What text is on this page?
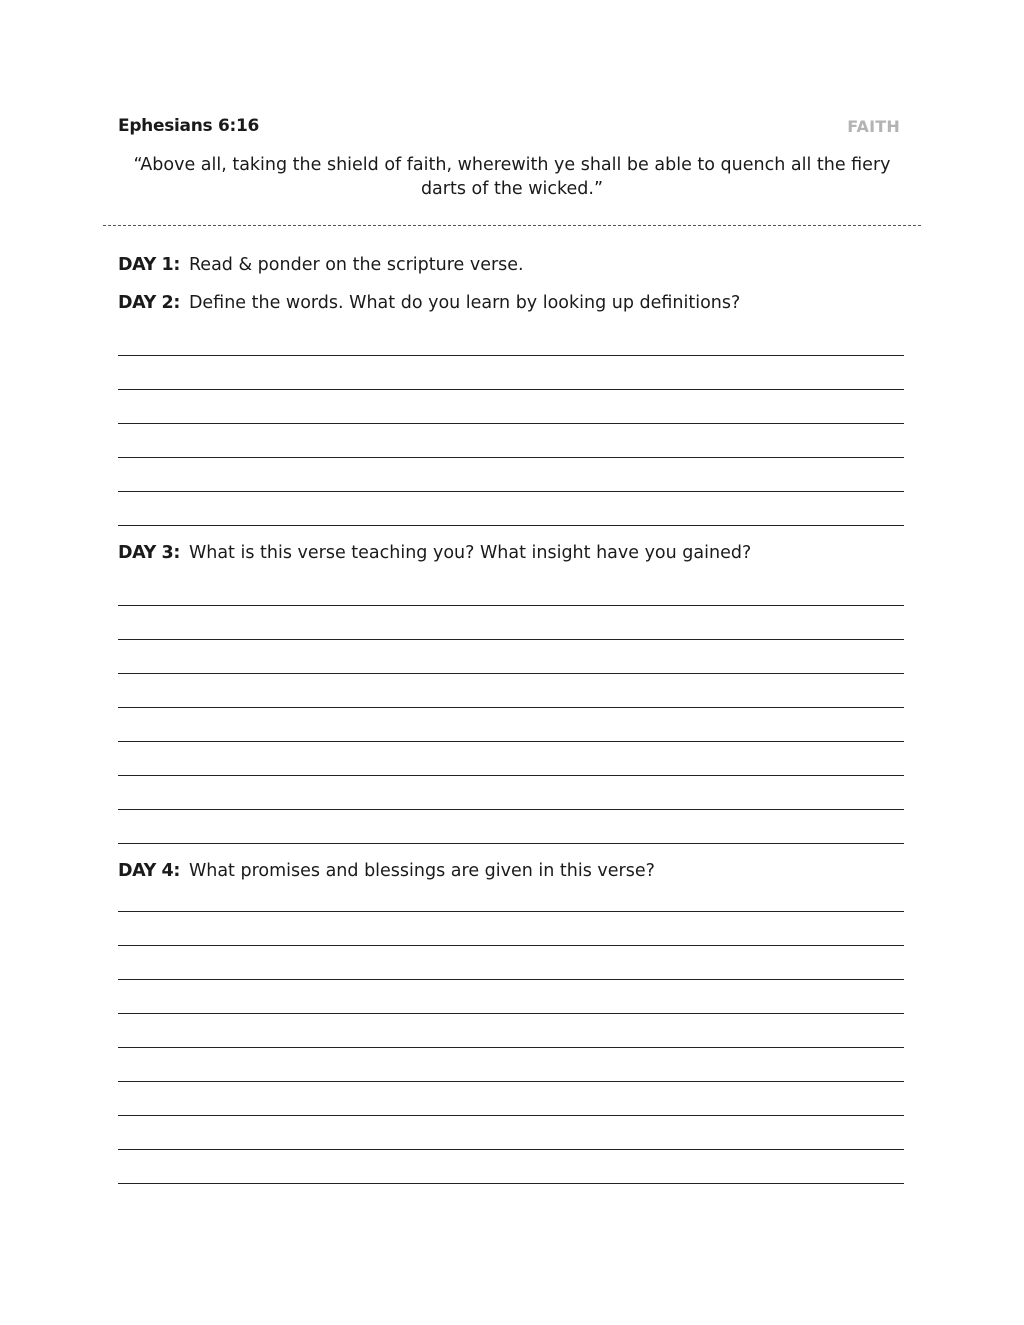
Ephesians 6:16	FAITH
“Above all, taking the shield of faith, wherewith ye shall be able to quench all the fiery darts of the wicked.”
DAY 1: Read & ponder on the scripture verse.
DAY 2: Define the words. What do you learn by looking up definitions?
DAY 3: What is this verse teaching you? What insight have you gained?
DAY 4: What promises and blessings are given in this verse?
